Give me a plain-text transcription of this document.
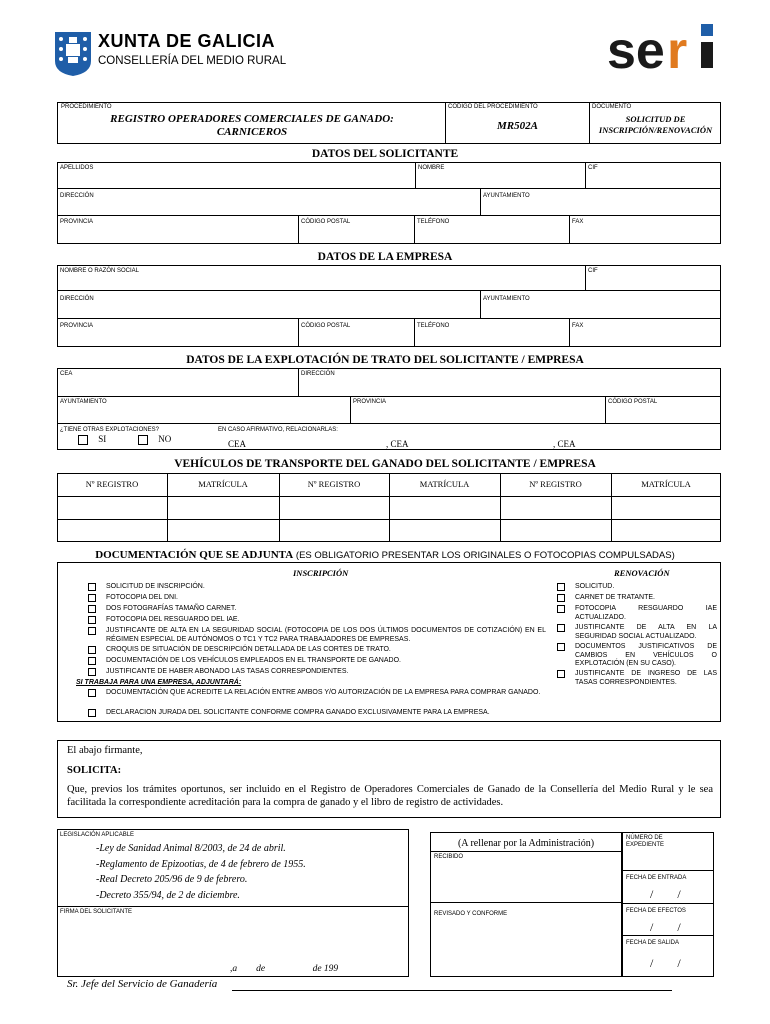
XUNTA DE GALICIA
CONSELLERÍA DEL MEDIO RURAL	se r
PROCEDIMIENTO
REGISTRO OPERADORES COMERCIALES DE GANADO:
CARNICEROS
CÓDIGO DEL PROCEDIMIENTO
MR502A
DOCUMENTO
SOLICITUD DE
INSCRIPCIÓN/RENOVACIÓN
DATOS DEL SOLICITANTE
APELLIDOS	NOMBRE	CIF
DIRECCIÓN	AYUNTAMIENTO
PROVINCIA	CÓDIGO POSTAL	TELÉFONO	FAX
DATOS DE LA EMPRESA
NOMBRE O RAZÓN SOCIAL	CIF
DIRECCIÓN	AYUNTAMIENTO
PROVINCIA	CÓDIGO POSTAL	TELÉFONO	FAX
DATOS DE LA EXPLOTACIÓN DE TRATO DEL SOLICITANTE / EMPRESA
CEA	DIRECCIÓN
AYUNTAMIENTO	PROVINCIA	CÓDIGO POSTAL
¿TIENE OTRAS EXPLOTACIONES?	EN CASO AFIRMATIVO, RELACIONARLAS:
SI	NO	CEA	, CEA	, CEA
VEHÍCULOS DE TRANSPORTE DEL GANADO DEL SOLICITANTE / EMPRESA
Nº REGISTRO	MATRÍCULA	Nº REGISTRO	MATRÍCULA	Nº REGISTRO	MATRÍCULA
DOCUMENTACIÓN QUE SE ADJUNTA (ES OBLIGATORIO PRESENTAR LOS ORIGINALES O FOTOCOPIAS COMPULSADAS)
INSCRIPCIÓN	RENOVACIÓN
SOLICITUD DE INSCRIPCIÓN.
FOTOCOPIA DEL DNI.
DOS FOTOGRAFÍAS TAMAÑO CARNET.
FOTOCOPIA DEL RESGUARDO DEL IAE.
JUSTIFICANTE DE ALTA EN LA SEGURIDAD SOCIAL (FOTOCOPIA DE LOS DOS ÚLTIMOS DOCUMENTOS DE COTIZACIÓN) EN EL RÉGIMEN ESPECIAL DE AUTÓNOMOS O TC1 Y TC2 PARA TRABAJADORES DE EMPRESAS.
CROQUIS DE SITUACIÓN DE DESCRIPCIÓN DETALLADA DE LAS CORTES DE TRATO.
DOCUMENTACIÓN DE LOS VEHÍCULOS EMPLEADOS EN EL TRANSPORTE DE GANADO.
JUSTIFICANTE DE HABER ABONADO LAS TASAS CORRESPONDIENTES.
SI TRABAJA PARA UNA EMPRESA, ADJUNTARÁ:
DOCUMENTACIÓN QUE ACREDITE LA RELACIÓN ENTRE AMBOS Y/O AUTORIZACIÓN DE LA EMPRESA PARA COMPRAR GANADO.
DECLARACIÓN JURADA DEL SOLICITANTE CONFORME COMPRA GANADO EXCLUSIVAMENTE PARA LA EMPRESA.
SOLICITUD.
CARNET DE TRATANTE.
FOTOCOPIA RESGUARDO IAE ACTUALIZADO.
JUSTIFICANTE DE ALTA EN LA SEGURIDAD SOCIAL ACTUALIZADO.
DOCUMENTOS JUSTIFICATIVOS DE CAMBIOS EN VEHÍCULOS O EXPLOTACIÓN (EN SU CASO).
JUSTIFICANTE DE INGRESO DE LAS TASAS CORRESPONDIENTES.
El abajo firmante,
SOLICITA:
Que, previos los trámites oportunos, ser incluido en el Registro de Operadores Comerciales de Ganado de la Consellería del Medio Rural y le sea facilitada la correspondiente acreditación para la compra de ganado y el libro de registro de actividades.
LEGISLACIÓN APLICABLE
-Ley de Sanidad Animal 8/2003, de 24 de abril.
-Reglamento de Epizootias, de 4 de febrero de 1955.
-Real Decreto 205/96 de 9 de febrero.
-Decreto 355/94, de 2 de diciembre.
FIRMA DEL SOLICITANTE
,a        de                    de 199
(A rellenar por la Administración)
RECIBIDO
REVISADO Y CONFORME
NÚMERO DE EXPEDIENTE
FECHA DE ENTRADA
/        /
FECHA DE EFECTOS
/        /
FECHA DE SALIDA
/        /
Sr. Jefe del Servicio de Ganadería
